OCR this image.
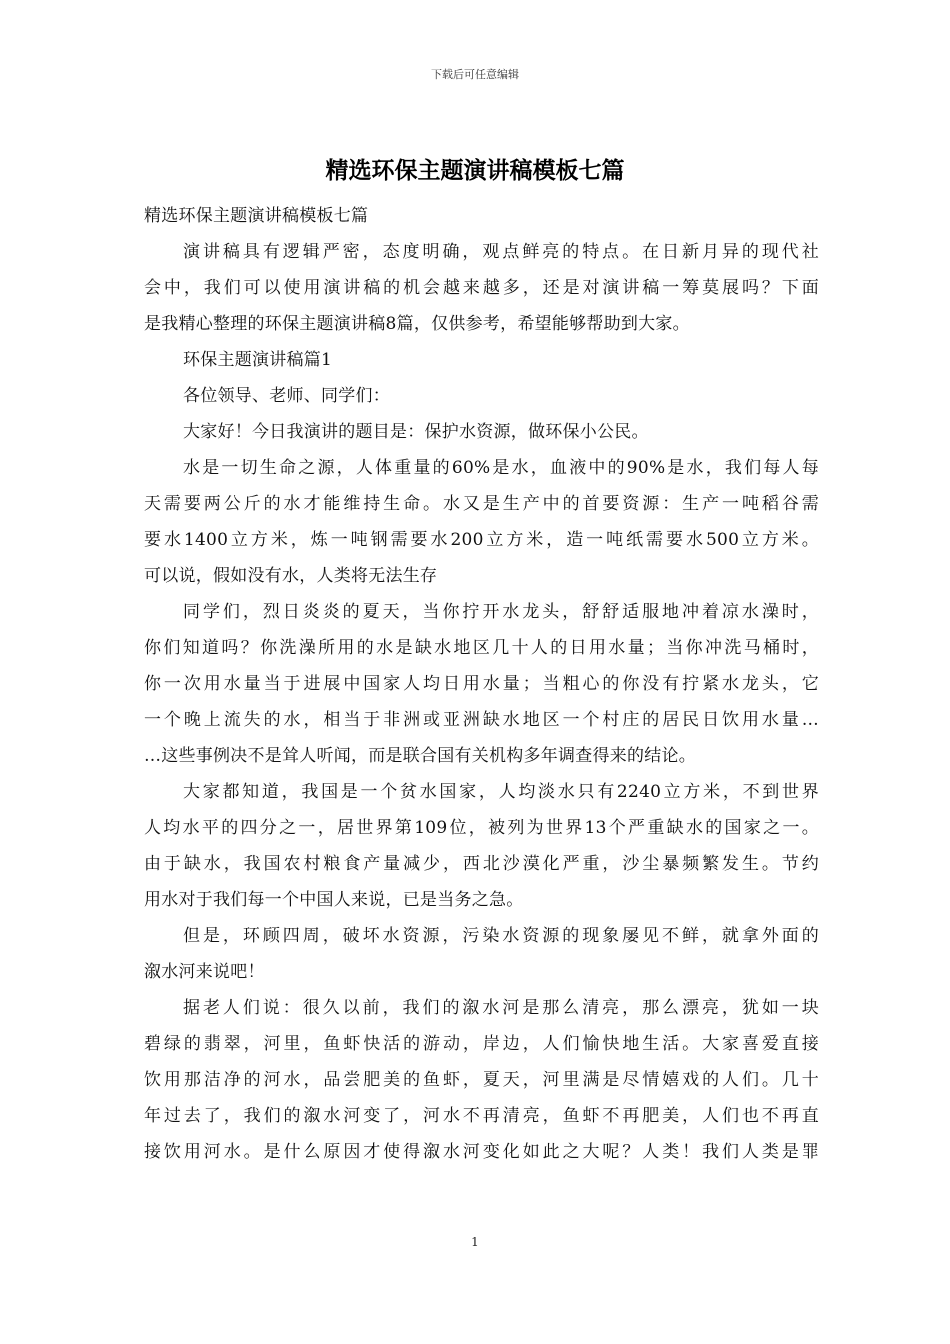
下载后可任意编辑
精选环保主题演讲稿模板七篇
精选环保主题演讲稿模板七篇
演讲稿具有逻辑严密，态度明确，观点鲜亮的特点。在日新月异的现代社
会中，我们可以使用演讲稿的机会越来越多，还是对演讲稿一筹莫展吗？下面
是我精心整理的环保主题演讲稿8篇，仅供参考，希望能够帮助到大家。
环保主题演讲稿篇1
各位领导、老师、同学们：
大家好！今日我演讲的题目是：保护水资源，做环保小公民。
水是一切生命之源，人体重量的60%是水，血液中的90%是水，我们每人每
天需要两公斤的水才能维持生命。水又是生产中的首要资源：生产一吨稻谷需
要水1400立方米，炼一吨钢需要水200立方米，造一吨纸需要水500立方米。
可以说，假如没有水，人类将无法生存
同学们，烈日炎炎的夏天，当你拧开水龙头，舒舒适服地冲着凉水澡时，
你们知道吗？你洗澡所用的水是缺水地区几十人的日用水量；当你冲洗马桶时，
你一次用水量当于进展中国家人均日用水量；当粗心的你没有拧紧水龙头，它
一个晚上流失的水，相当于非洲或亚洲缺水地区一个村庄的居民日饮用水量…
…这些事例决不是耸人听闻，而是联合国有关机构多年调查得来的结论。
大家都知道，我国是一个贫水国家，人均淡水只有2240立方米，不到世界
人均水平的四分之一，居世界第109位，被列为世界13个严重缺水的国家之一。
由于缺水，我国农村粮食产量减少，西北沙漠化严重，沙尘暴频繁发生。节约
用水对于我们每一个中国人来说，已是当务之急。
但是，环顾四周，破坏水资源，污染水资源的现象屡见不鲜，就拿外面的
溆水河来说吧！
据老人们说：很久以前，我们的溆水河是那么清亮，那么漂亮，犹如一块
碧绿的翡翠，河里，鱼虾快活的游动，岸边，人们愉快地生活。大家喜爱直接
饮用那洁净的河水，品尝肥美的鱼虾，夏天，河里满是尽情嬉戏的人们。几十
年过去了，我们的溆水河变了，河水不再清亮，鱼虾不再肥美，人们也不再直
接饮用河水。是什么原因才使得溆水河变化如此之大呢？人类！我们人类是罪
1
